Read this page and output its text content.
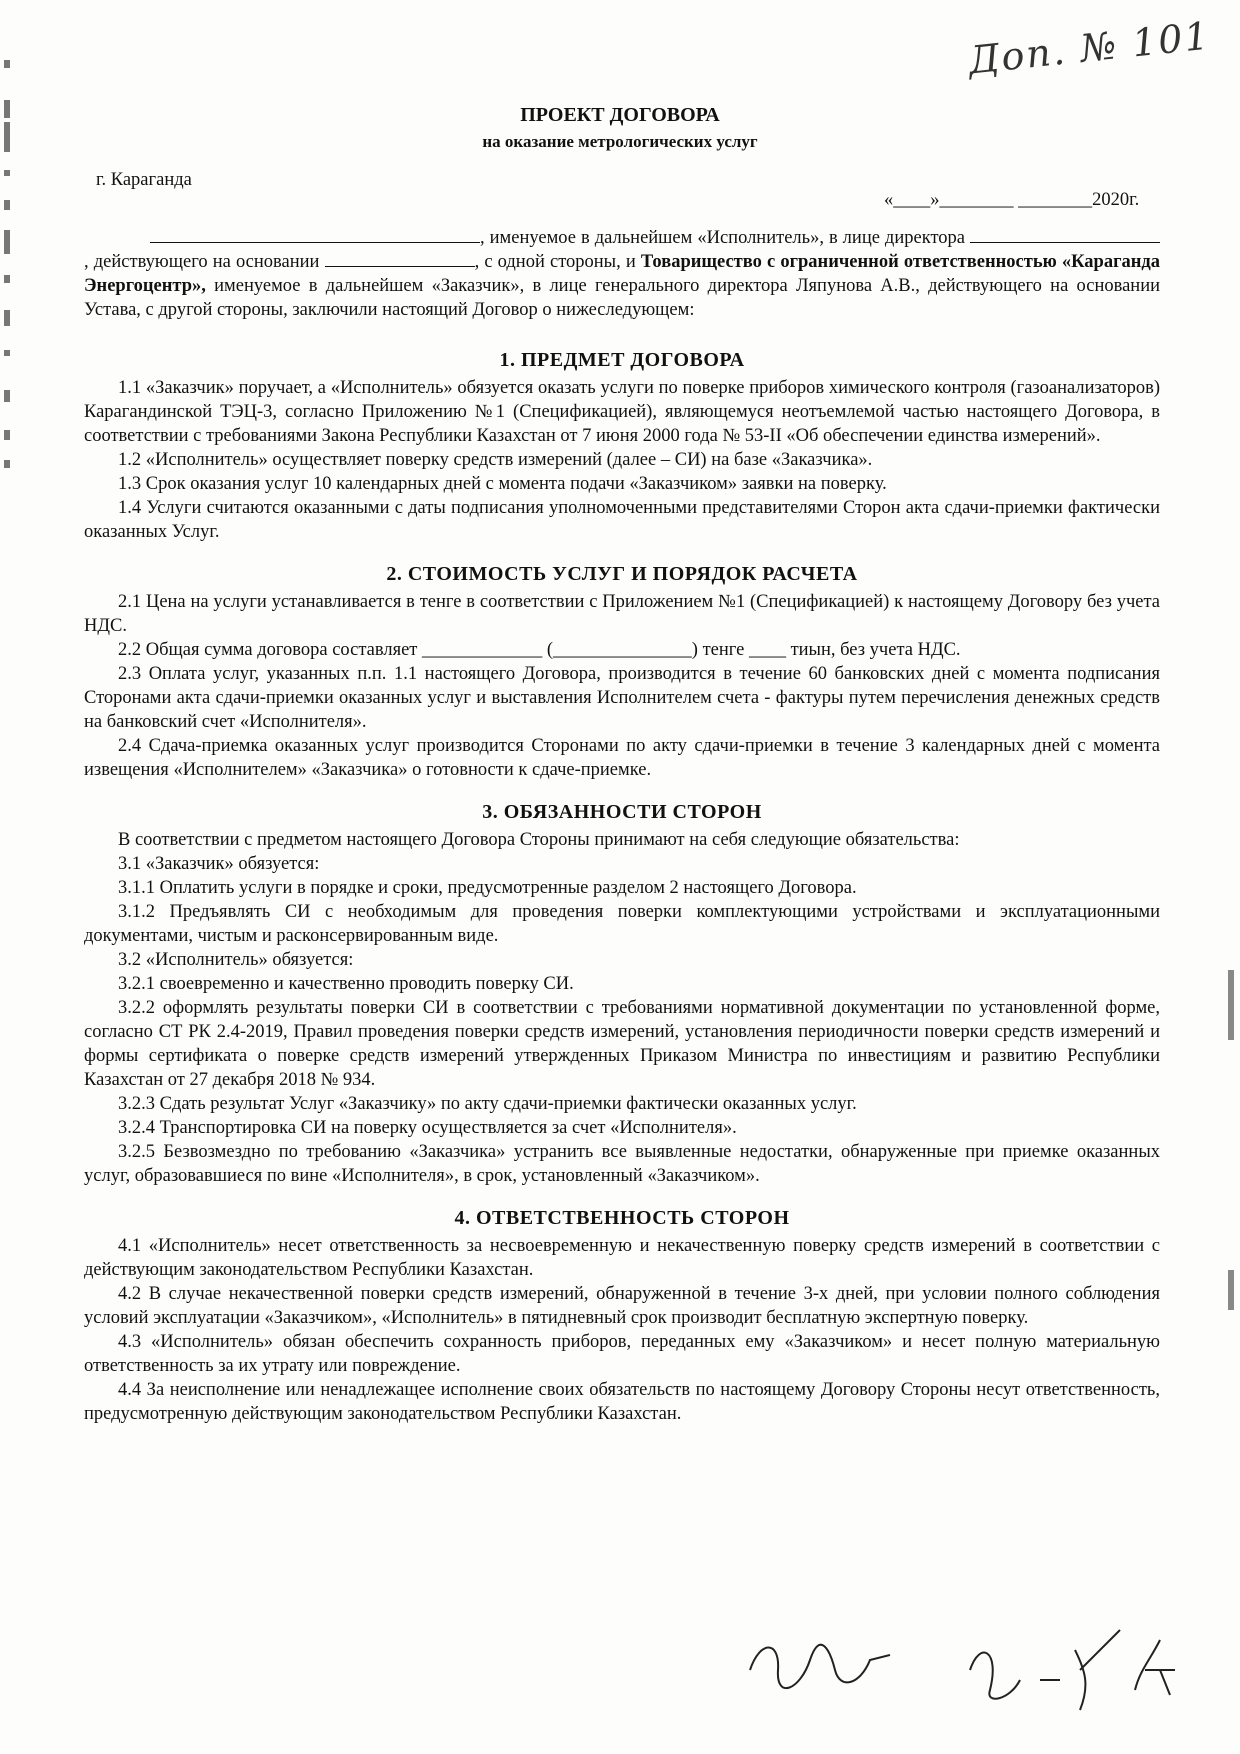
Доп. № 101
ПРОЕКТ ДОГОВОРА
на оказание метрологических услуг
г. Караганда
«____»________ ________2020г.

, именуемое в дальнейшем «Исполнитель», в лице директора , действующего на основании	, с одной стороны, и Товарищество с ограниченной ответственностью «Караганда Энергоцентр», именуемое в дальнейшем «Заказчик», в лице генерального директора Ляпунова А.В., действующего на основании Устава, с другой стороны, заключили настоящий Договор о нижеследующем:

1. ПРЕДМЕТ ДОГОВОРА

1.1 «Заказчик» поручает, а «Исполнитель» обязуется оказать услуги по поверке приборов химического контроля (газоанализаторов) Карагандинской ТЭЦ-3, согласно Приложению №1 (Спецификацией), являющемуся неотъемлемой частью настоящего Договора, в соответствии с требованиями Закона Республики Казахстан от 7 июня 2000 года № 53-II «Об обеспечении единства измерений».

1.2 «Исполнитель» осуществляет поверку средств измерений (далее – СИ) на базе «Заказчика».

1.3 Срок оказания услуг 10 календарных дней с момента подачи «Заказчиком» заявки на поверку.

1.4 Услуги считаются оказанными с даты подписания уполномоченными представителями Сторон акта сдачи-приемки фактически оказанных Услуг.

2. СТОИМОСТЬ УСЛУГ И ПОРЯДОК РАСЧЕТА

2.1 Цена на услуги устанавливается в тенге в соответствии с Приложением №1 (Спецификацией) к настоящему Договору без учета НДС.

2.2 Общая сумма договора составляет _____________ (_______________) тенге ____ тиын, без учета НДС.

2.3 Оплата услуг, указанных п.п. 1.1 настоящего Договора, производится в течение 60 банковских дней с момента подписания Сторонами акта сдачи-приемки оказанных услуг и выставления Исполнителем счета - фактуры путем перечисления денежных средств на банковский счет «Исполнителя».

2.4 Сдача-приемка оказанных услуг производится Сторонами по акту сдачи-приемки в течение 3 календарных дней с момента извещения «Исполнителем» «Заказчика» о готовности к сдаче-приемке.

3. ОБЯЗАННОСТИ СТОРОН

В соответствии с предметом настоящего Договора Стороны принимают на себя следующие обязательства:

3.1 «Заказчик» обязуется:

3.1.1 Оплатить услуги в порядке и сроки, предусмотренные разделом 2 настоящего Договора.

3.1.2 Предъявлять СИ с необходимым для проведения поверки комплектующими устройствами и эксплуатационными документами, чистым и расконсервированным виде.

3.2 «Исполнитель» обязуется:

3.2.1 своевременно и качественно проводить поверку СИ.

3.2.2 оформлять результаты поверки СИ в соответствии с требованиями нормативной документации по установленной форме, согласно СТ РК 2.4-2019, Правил проведения поверки средств измерений, установления периодичности поверки средств измерений и формы сертификата о поверке средств измерений утвержденных Приказом Министра по инвестициям и развитию Республики Казахстан от 27 декабря 2018 № 934.

3.2.3 Сдать результат Услуг «Заказчику» по акту сдачи-приемки фактически оказанных услуг.

3.2.4 Транспортировка СИ на поверку осуществляется за счет «Исполнителя».

3.2.5 Безвозмездно по требованию «Заказчика» устранить все выявленные недостатки, обнаруженные при приемке оказанных услуг, образовавшиеся по вине «Исполнителя», в срок, установленный «Заказчиком».

4. ОТВЕТСТВЕННОСТЬ СТОРОН

4.1 «Исполнитель» несет ответственность за несвоевременную и некачественную поверку средств измерений в соответствии с действующим законодательством Республики Казахстан.

4.2 В случае некачественной поверки средств измерений, обнаруженной в течение 3-х дней, при условии полного соблюдения условий эксплуатации «Заказчиком», «Исполнитель» в пятидневный срок производит бесплатную экспертную поверку.

4.3 «Исполнитель» обязан обеспечить сохранность приборов, переданных ему «Заказчиком» и несет полную материальную ответственность за их утрату или повреждение.

4.4 За неисполнение или ненадлежащее исполнение своих обязательств по настоящему Договору Стороны несут ответственность, предусмотренную действующим законодательством Республики Казахстан.
